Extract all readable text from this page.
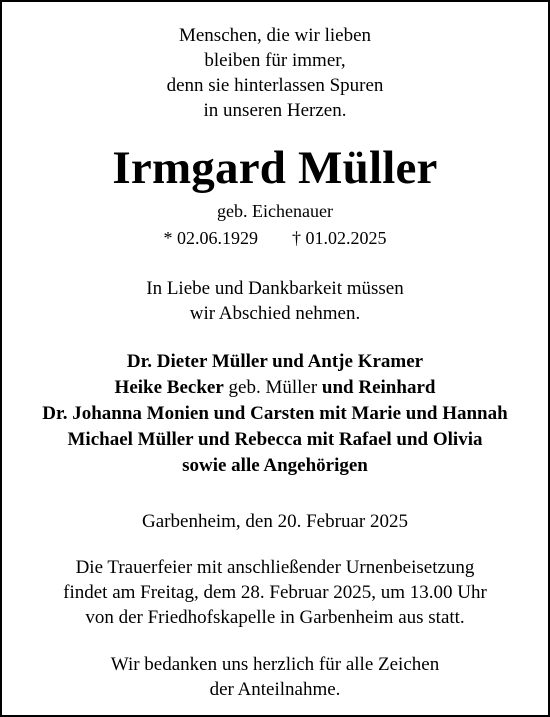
Menschen, die wir lieben
bleiben für immer,
denn sie hinterlassen Spuren
in unseren Herzen.
Irmgard Müller
geb. Eichenauer
* 02.06.1929 † 01.02.2025
In Liebe und Dankbarkeit müssen
wir Abschied nehmen.
Dr. Dieter Müller und Antje Kramer
Heike Becker geb. Müller und Reinhard
Dr. Johanna Monien und Carsten mit Marie und Hannah
Michael Müller und Rebecca mit Rafael und Olivia
sowie alle Angehörigen
Garbenheim, den 20. Februar 2025
Die Trauerfeier mit anschließender Urnenbeisetzung
findet am Freitag, dem 28. Februar 2025, um 13.00 Uhr
von der Friedhofskapelle in Garbenheim aus statt.
Wir bedanken uns herzlich für alle Zeichen
der Anteilnahme.
